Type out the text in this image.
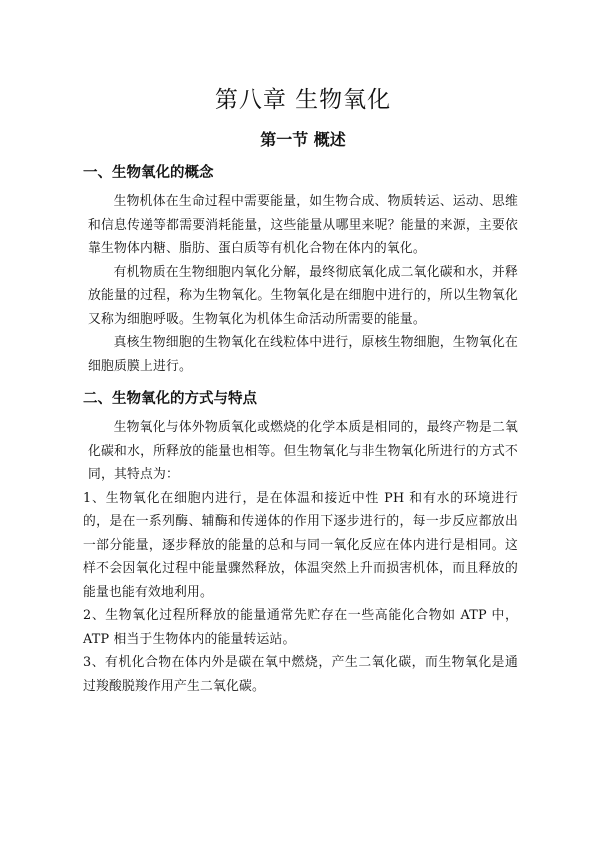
第八章 生物氧化
第一节 概述
一、生物氧化的概念

生物机体在生命过程中需要能量，如生物合成、物质转运、运动、思维和信息传递等都需要消耗能量，这些能量从哪里来呢？能量的来源，主要依靠生物体内糖、脂肪、蛋白质等有机化合物在体内的氧化。

有机物质在生物细胞内氧化分解，最终彻底氧化成二氧化碳和水，并释放能量的过程，称为生物氧化。生物氧化是在细胞中进行的，所以生物氧化又称为细胞呼吸。生物氧化为机体生命活动所需要的能量。

真核生物细胞的生物氧化在线粒体中进行，原核生物细胞，生物氧化在细胞质膜上进行。

二、生物氧化的方式与特点

生物氧化与体外物质氧化或燃烧的化学本质是相同的，最终产物是二氧化碳和水，所释放的能量也相等。但生物氧化与非生物氧化所进行的方式不同，其特点为：

1、生物氧化在细胞内进行，是在体温和接近中性 PH 和有水的环境进行的，是在一系列酶、辅酶和传递体的作用下逐步进行的，每一步反应都放出一部分能量，逐步释放的能量的总和与同一氧化反应在体内进行是相同。这样不会因氧化过程中能量骤然释放，体温突然上升而损害机体，而且释放的能量也能有效地利用。

2、生物氧化过程所释放的能量通常先贮存在一些高能化合物如 ATP 中，ATP 相当于生物体内的能量转运站。

3、有机化合物在体内外是碳在氧中燃烧，产生二氧化碳，而生物氧化是通过羧酸脱羧作用产生二氧化碳。
